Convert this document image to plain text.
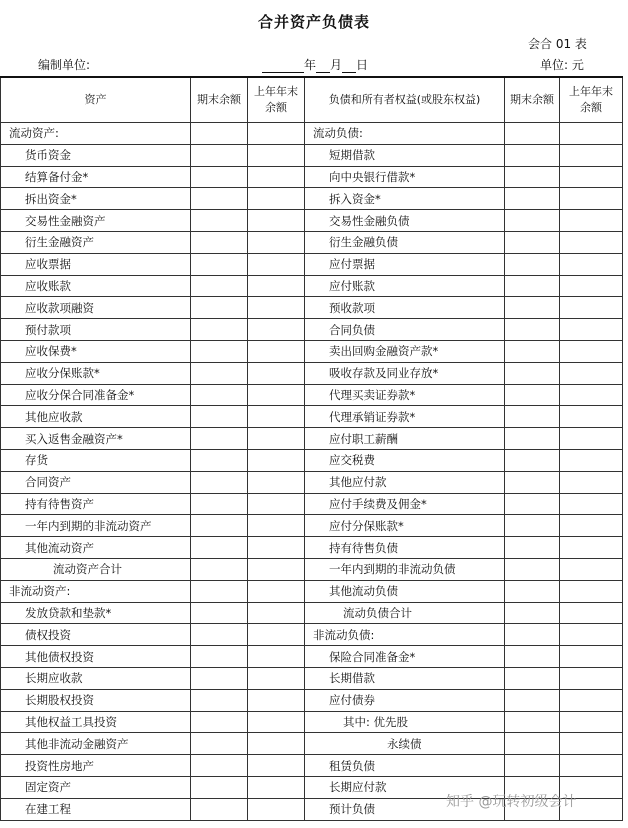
合并资产负债表
会合 01 表
编制单位:	年 月 日	单位: 元
资产	期末余额	上年年末余额	负债和所有者权益(或股东权益)	期末余额	上年年末余额
流动资产:			流动负债:		
货币资金			短期借款		
结算备付金*			向中央银行借款*		
拆出资金*			拆入资金*		
交易性金融资产			交易性金融负债		
衍生金融资产			衍生金融负债		
应收票据			应付票据		
应收账款			应付账款		
应收款项融资			预收款项		
预付款项			合同负债		
应收保费*			卖出回购金融资产款*		
应收分保账款*			吸收存款及同业存放*		
应收分保合同准备金*			代理买卖证券款*		
其他应收款			代理承销证券款*		
买入返售金融资产*			应付职工薪酬		
存货			应交税费		
合同资产			其他应付款		
持有待售资产			应付手续费及佣金*		
一年内到期的非流动资产			应付分保账款*		
其他流动资产			持有待售负债		
流动资产合计			一年内到期的非流动负债		
非流动资产:			其他流动负债		
发放贷款和垫款*			流动负债合计		
债权投资			非流动负债:		
其他债权投资			保险合同准备金*		
长期应收款			长期借款		
长期股权投资			应付债券		
其他权益工具投资			其中: 优先股		
其他非流动金融资产			永续债		
投资性房地产			租赁负债		
固定资产			长期应付款		
在建工程			预计负债			知乎 @玩转初级会计
